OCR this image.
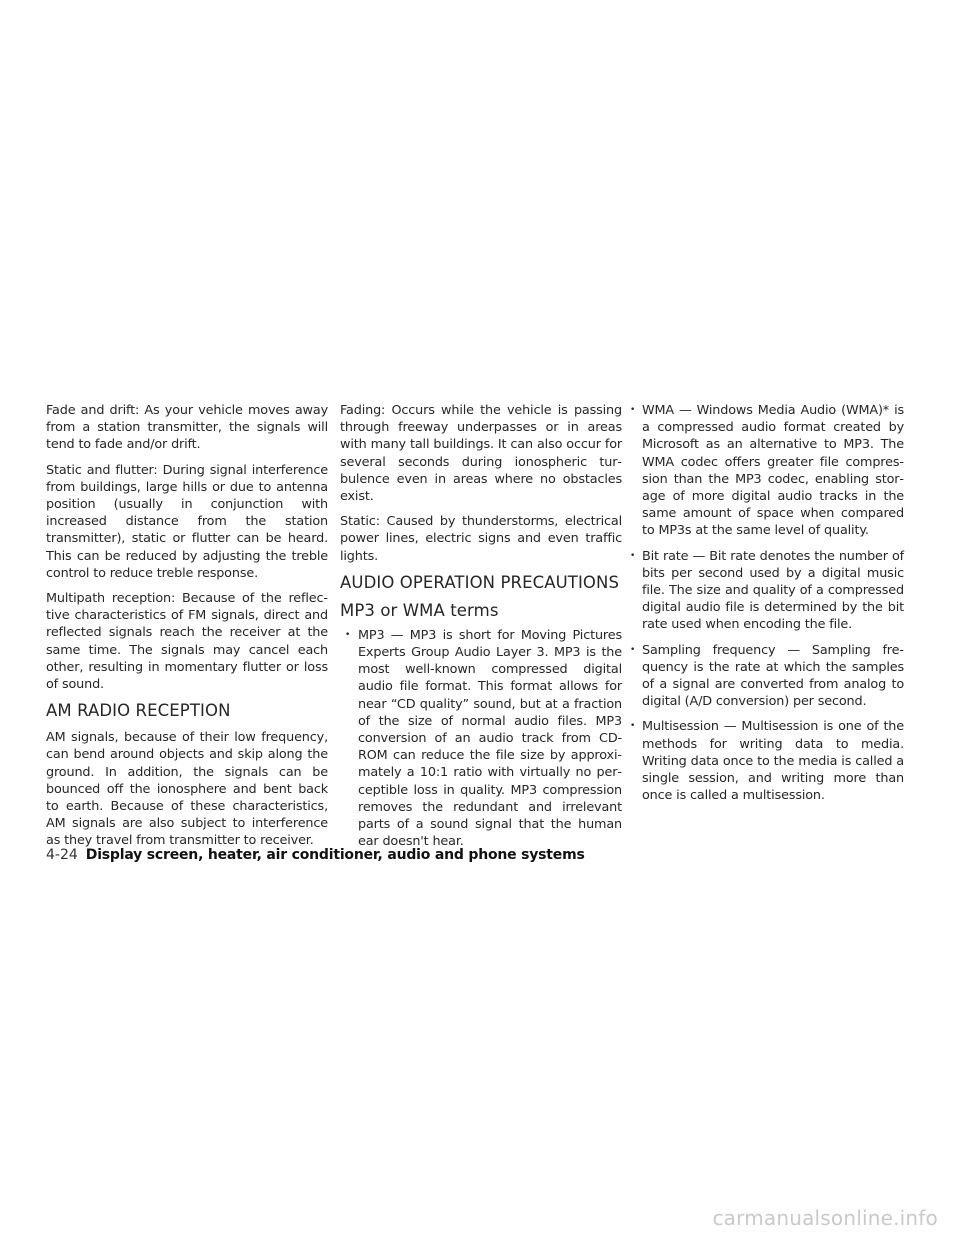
Fade and drift: As your vehicle moves away from a station transmitter, the signals will tend to fade and/or drift.

Static and flutter: During signal interference from buildings, large hills or due to antenna position (usually in conjunction with increased distance from the station transmitter), static or flutter can be heard. This can be reduced by adjusting the treble control to reduce treble response.

Multipath reception: Because of the reflective characteristics of FM signals, direct and reflected signals reach the receiver at the same time. The signals may cancel each other, resulting in momentary flutter or loss of sound.

AM RADIO RECEPTION

AM signals, because of their low frequency, can bend around objects and skip along the ground. In addition, the signals can be bounced off the ionosphere and bent back to earth. Because of these characteristics, AM signals are also subject to interference as they travel from transmitter to receiver.

Fading: Occurs while the vehicle is passing through freeway underpasses or in areas with many tall buildings. It can also occur for several seconds during ionospheric turbulence even in areas where no obstacles exist.

Static: Caused by thunderstorms, electrical power lines, electric signs and even traffic lights.

AUDIO OPERATION PRECAUTIONS
MP3 or WMA terms
• MP3 — MP3 is short for Moving Pictures Experts Group Audio Layer 3. MP3 is the most well-known compressed digital audio file format. This format allows for near “CD quality” sound, but at a fraction of the size of normal audio files. MP3 conversion of an audio track from CD-ROM can reduce the file size by approximately a 10:1 ratio with virtually no perceptible loss in quality. MP3 compression removes the redundant and irrelevant parts of a sound signal that the human ear doesn't hear.
• WMA — Windows Media Audio (WMA)* is a compressed audio format created by Microsoft as an alternative to MP3. The WMA codec offers greater file compression than the MP3 codec, enabling storage of more digital audio tracks in the same amount of space when compared to MP3s at the same level of quality.
• Bit rate — Bit rate denotes the number of bits per second used by a digital music file. The size and quality of a compressed digital audio file is determined by the bit rate used when encoding the file.
• Sampling frequency — Sampling frequency is the rate at which the samples of a signal are converted from analog to digital (A/D conversion) per second.
• Multisession — Multisession is one of the methods for writing data to media. Writing data once to the media is called a single session, and writing more than once is called a multisession.
4-24 Display screen, heater, air conditioner, audio and phone systems
carmanualsonline.info
